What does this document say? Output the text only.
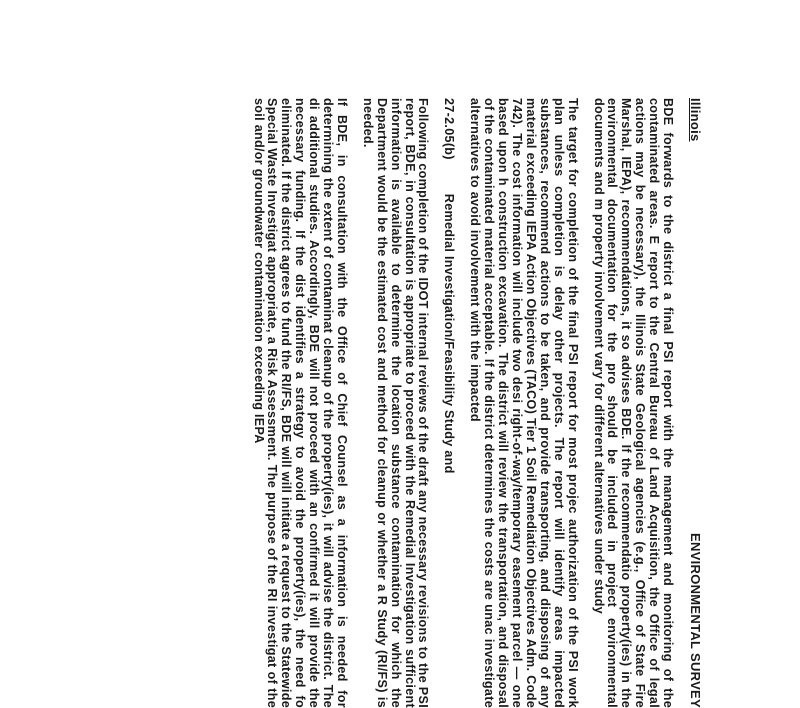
Illinois
ENVIRONMENTAL SURVEY

BDE forwards to the district a final PSI report with the management and monitoring of the contaminated areas. E report to the Central Bureau of Land Acquisition, the Office of legal actions may be necessary), the Illinois State Geological agencies (e.g., Office of State Fire Marshal, IEPA), recommendations, it so advises BDE. If the recommendatio property(ies) in the environmental documentation for the pro should be included in project environmental documents and m property involvement vary for different alternatives under study

The target for completion of the final PSI report for most projec authorization of the PSI work plan unless completion is delay other projects. The report will identify areas impacted substances, recommend actions to be taken, and provide transporting, and disposing of any material exceeding IEPA Action Objectives (TACO) Tier 1 Soil Remediation Objectives Adm. Code 742). The cost information will include two desi right-of-way/temporary easement parcel — one based upon h construction excavation. The district will review the transportation, and disposal of the contaminated material acceptable. If the district determines the costs are unac investigate alternatives to avoid involvement with the impacted

27-2.05(b)Remedial Investigation/Feasibility Study and

Following completion of the IDOT internal reviews of the draft any necessary revisions to the PSI report, BDE, in consultation is appropriate to proceed with the Remedial Investigation sufficient information is available to determine the location substance contamination for which the Department would be the estimated cost and method for cleanup or whether a R Study (RI/FS) is needed.

If BDE, in consultation with the Office of Chief Counsel as a information is needed for determining the extent of contaminat cleanup of the property(ies), it will advise the district. The di additional studies. Accordingly, BDE will not proceed with an confirmed it will provide the necessary funding. If the dist identifies a strategy to avoid the property(ies), the need fo eliminated. If the district agrees to fund the RI/FS, BDE will will initiate a request to the Statewide Special Waste Investigat appropriate, a Risk Assessment. The purpose of the RI investigat of the soil and/or groundwater contamination exceeding IEPA
